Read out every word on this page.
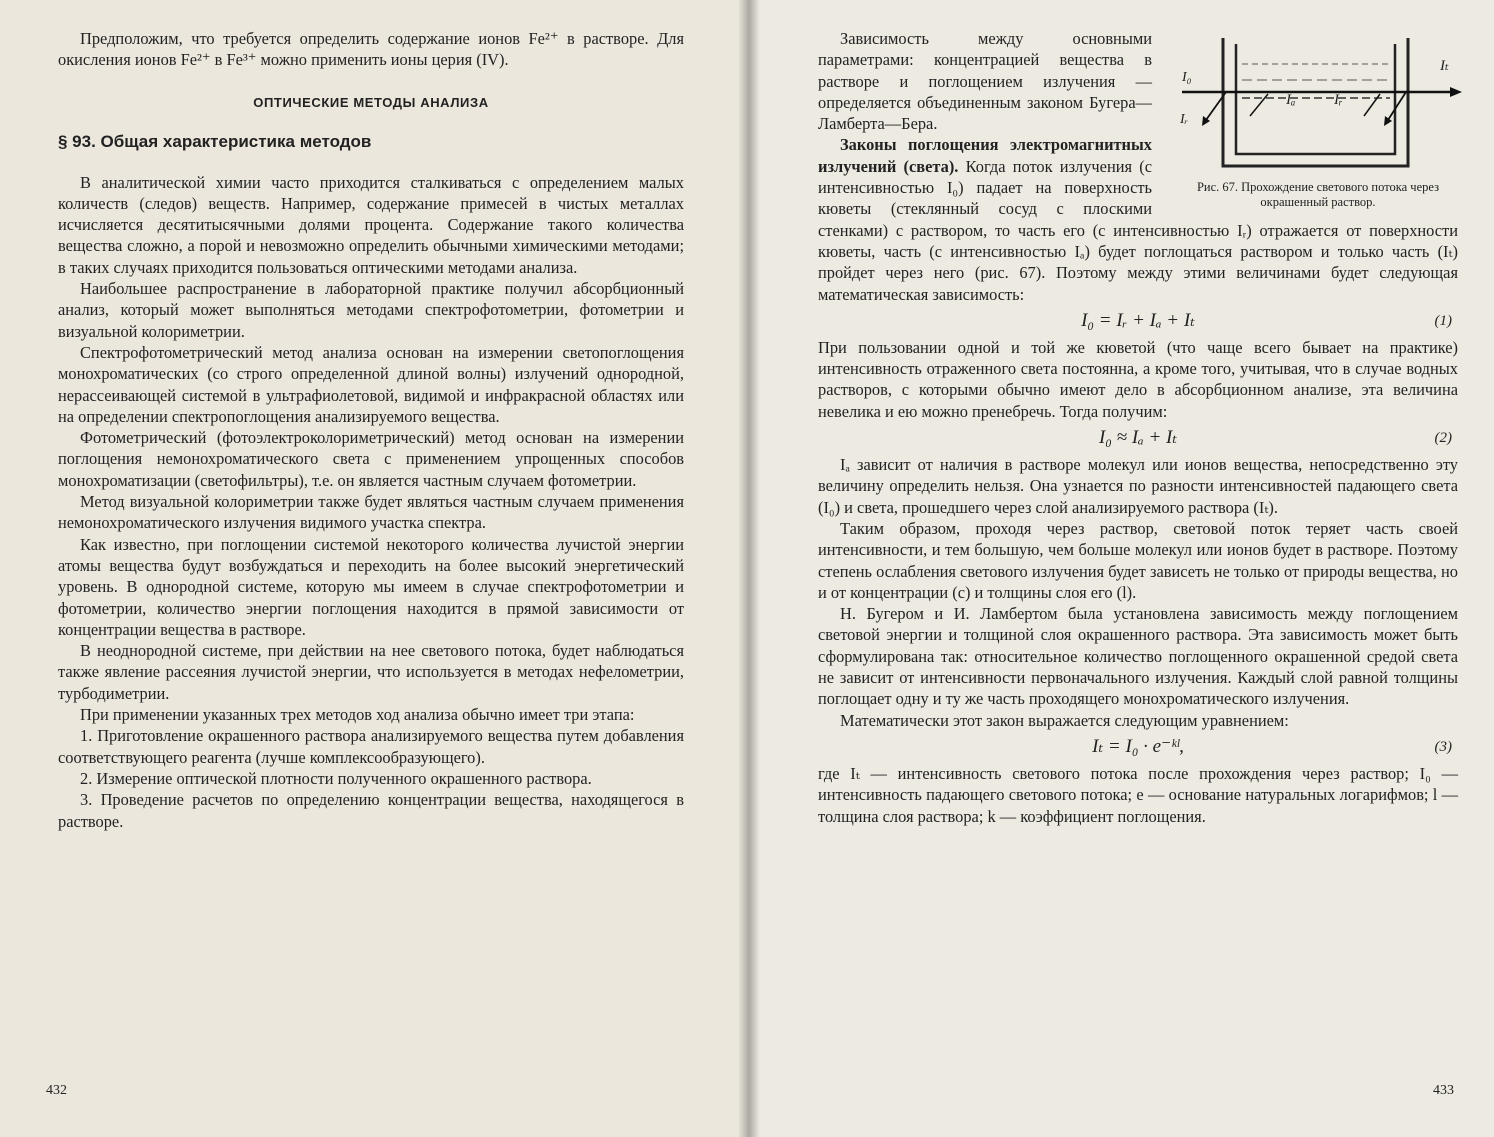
Предположим, что требуется определить содержание ионов Fe²⁺ в растворе. Для окисления ионов Fe²⁺ в Fe³⁺ можно применить ионы церия (IV).

ОПТИЧЕСКИЕ МЕТОДЫ АНАЛИЗА
§ 93. Общая характеристика методов

В аналитической химии часто приходится сталкиваться с определением малых количеств (следов) веществ. Например, содержание примесей в чистых металлах исчисляется десятитысячными долями процента. Содержание такого количества вещества сложно, а порой и невозможно определить обычными химическими методами; в таких случаях приходится пользоваться оптическими методами анализа.

Наибольшее распространение в лабораторной практике получил абсорбционный анализ, который может выполняться методами спектрофотометрии, фотометрии и визуальной колориметрии.

Спектрофотометрический метод анализа основан на измерении светопоглощения монохроматических (со строго определенной длиной волны) излучений однородной, нерассеивающей системой в ультрафиолетовой, видимой и инфракрасной областях или на определении спектропоглощения анализируемого вещества.

Фотометрический (фотоэлектроколориметрический) метод основан на измерении поглощения немонохроматического света с применением упрощенных способов монохроматизации (светофильтры), т.е. он является частным случаем фотометрии.

Метод визуальной колориметрии также будет являться частным случаем применения немонохроматического излучения видимого участка спектра.

Как известно, при поглощении системой некоторого количества лучистой энергии атомы вещества будут возбуждаться и переходить на более высокий энергетический уровень. В однородной системе, которую мы имеем в случае спектрофотометрии и фотометрии, количество энергии поглощения находится в прямой зависимости от концентрации вещества в растворе.

В неоднородной системе, при действии на нее светового потока, будет наблюдаться также явление рассеяния лучистой энергии, что используется в методах нефелометрии, турбодиметрии.

При применении указанных трех методов ход анализа обычно имеет три этапа:

1. Приготовление окрашенного раствора анализируемого вещества путем добавления соответствующего реагента (лучше комплексообразующего).

2. Измерение оптической плотности полученного окрашенного раствора.

3. Проведение расчетов по определению концентрации вещества, находящегося в растворе.

432
I₀
Iₜ
Iᵣ
Iₐ	Iᵣ
Рис. 67. Прохождение светового потока через окрашенный раствор.

Зависимость между основными параметрами: концентрацией вещества в растворе и поглощением излучения — определяется объединенным законом Бугера—Ламберта—Бера.

Законы поглощения электромагнитных излучений (света). Когда поток излучения (с интенсивностью I₀) падает на поверхность кюветы (стеклянный сосуд с плоскими стенками) с раствором, то часть его (с интенсивностью Iᵣ) отражается от поверхности кюветы, часть (с интенсивностью Iₐ) будет поглощаться раствором и только часть (Iₜ) пройдет через него (рис. 67). Поэтому между этими величинами будет следующая математическая зависимость:

I₀ = Iᵣ + Iₐ + Iₜ	(1)

При пользовании одной и той же кюветой (что чаще всего бывает на практике) интенсивность отраженного света постоянна, а кроме того, учитывая, что в случае водных растворов, с которыми обычно имеют дело в абсорбционном анализе, эта величина невелика и ею можно пренебречь. Тогда получим:

I₀ ≈ Iₐ + Iₜ	(2)

Iₐ зависит от наличия в растворе молекул или ионов вещества, непосредственно эту величину определить нельзя. Она узнается по разности интенсивностей падающего света (I₀) и света, прошедшего через слой анализируемого раствора (Iₜ).

Таким образом, проходя через раствор, световой поток теряет часть своей интенсивности, и тем большую, чем больше молекул или ионов будет в растворе. Поэтому степень ослабления светового излучения будет зависеть не только от природы вещества, но и от концентрации (c) и толщины слоя его (l).

Н. Бугером и И. Ламбертом была установлена зависимость между поглощением световой энергии и толщиной слоя окрашенного раствора. Эта зависимость может быть сформулирована так: относительное количество поглощенного окрашенной средой света не зависит от интенсивности первоначального излучения. Каждый слой равной толщины поглощает одну и ту же часть проходящего монохроматического излучения.

Математически этот закон выражается следующим уравнением:

Iₜ = I₀ · e⁻ᵏˡ,	(3)

где Iₜ — интенсивность светового потока после прохождения через раствор; I₀ — интенсивность падающего светового потока; e — основание натуральных логарифмов; l — толщина слоя раствора; k — коэффициент поглощения.

433
